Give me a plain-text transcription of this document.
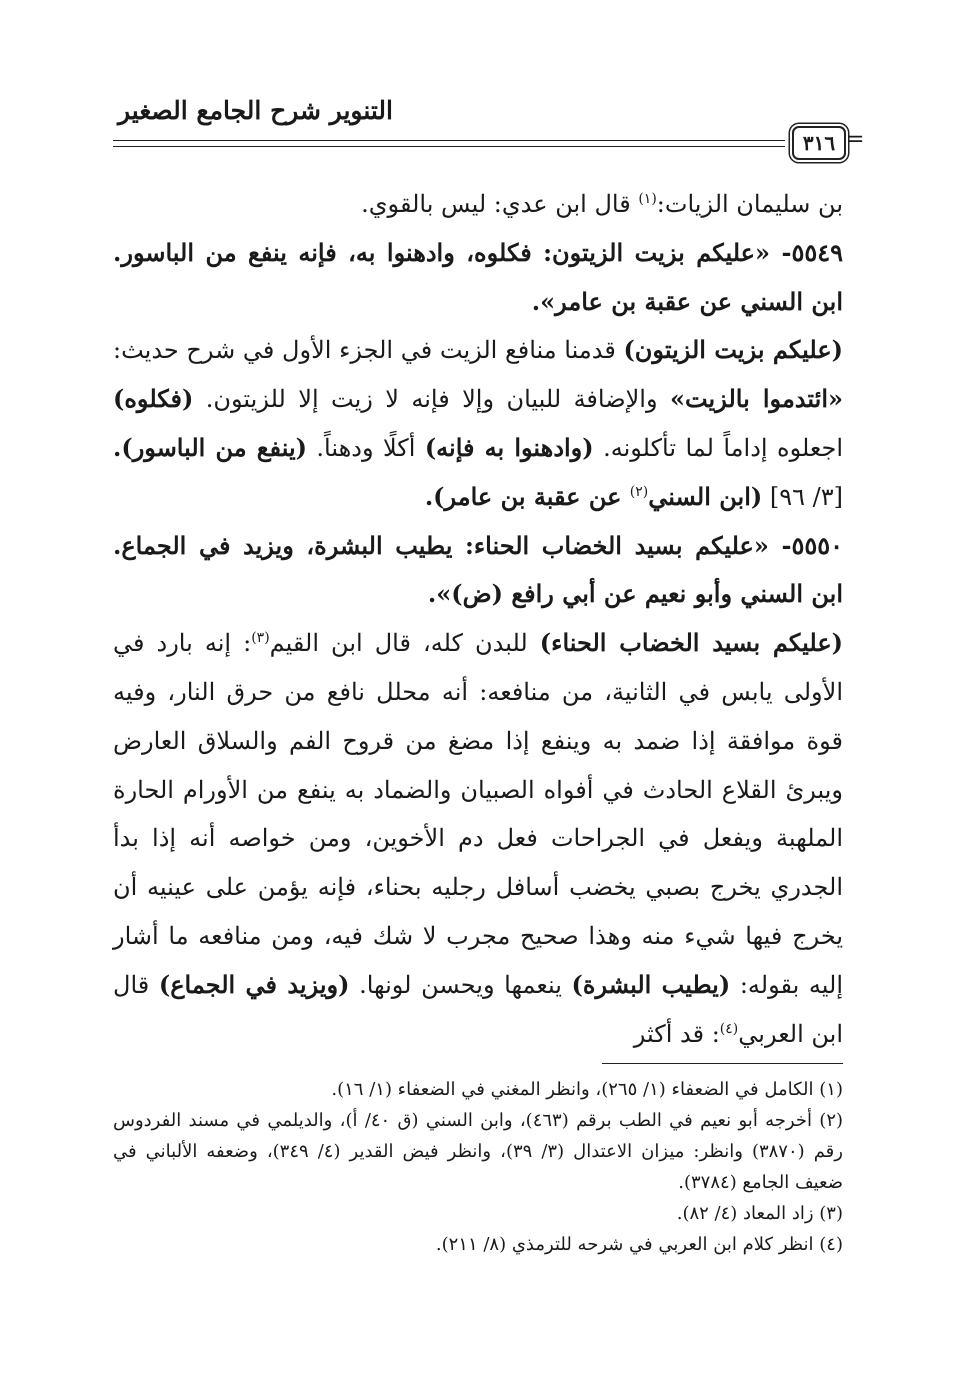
التنوير شرح الجامع الصغير
٣١٦ =

بن سليمان الزيات:$^{(١)}$ قال ابن عدي: ليس بالقوي.

٥٥٤٩- «عليكم بزيت الزيتون: فكلوه، وادهنوا به، فإنه ينفع من الباسور. ابن السني عن عقبة بن عامر».

(عليكم بزيت الزيتون) قدمنا منافع الزيت في الجزء الأول في شرح حديث: «ائتدموا بالزيت» والإضافة للبيان وإلا فإنه لا زيت إلا للزيتون. (فكلوه) اجعلوه إداماً لما تأكلونه. (وادهنوا به فإنه) أكلًا ودهناً. (ينفع من الباسور). [٣/ ٩٦] (ابن السني$^{(٢)}$ عن عقبة بن عامر).

٥٥٥٠- «عليكم بسيد الخضاب الحناء: يطيب البشرة، ويزيد في الجماع. ابن السني وأبو نعيم عن أبي رافع (ض)».

(عليكم بسيد الخضاب الحناء) للبدن كله، قال ابن القيم$^{(٣)}$: إنه بارد في الأولى يابس في الثانية، من منافعه: أنه محلل نافع من حرق النار، وفيه قوة موافقة إذا ضمد به وينفع إذا مضغ من قروح الفم والسلاق العارض ويبرئ القلاع الحادث في أفواه الصبيان والضماد به ينفع من الأورام الحارة الملهبة ويفعل في الجراحات فعل دم الأخوين، ومن خواصه أنه إذا بدأ الجدري يخرج بصبي يخضب أسافل رجليه بحناء، فإنه يؤمن على عينيه أن يخرج فيها شيء منه وهذا صحيح مجرب لا شك فيه، ومن منافعه ما أشار إليه بقوله: (يطيب البشرة) ينعمها ويحسن لونها. (ويزيد في الجماع) قال ابن العربي$^{(٤)}$: قد أكثر

(١) الكامل في الضعفاء (١/ ٢٦٥)، وانظر المغني في الضعفاء (١/ ١٦).

(٢) أخرجه أبو نعيم في الطب برقم (٤٦٣)، وابن السني (ق ٤٠/ أ)، والديلمي في مسند الفردوس رقم (٣٨٧٠) وانظر: ميزان الاعتدال (٣/ ٣٩)، وانظر فيض القدير (٤/ ٣٤٩)، وضعفه الألباني في ضعيف الجامع (٣٧٨٤).

(٣) زاد المعاد (٤/ ٨٢).

(٤) انظر كلام ابن العربي في شرحه للترمذي (٨/ ٢١١).
